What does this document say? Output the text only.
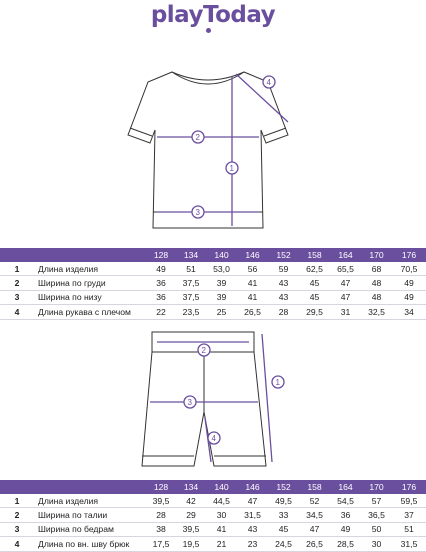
playToday
1
2
3
4
		128	134	140	146	152	158	164	170	176
1	Длина изделия	49	51	53,0	56	59	62,5	65,5	68	70,5
2	Ширина по груди	36	37,5	39	41	43	45	47	48	49
3	Ширина по низу	36	37,5	39	41	43	45	47	48	49
4	Длина рукава с плечом	22	23,5	25	26,5	28	29,5	31	32,5	34
1
2
3
4
		128	134	140	146	152	158	164	170	176
1	Длина изделия	39,5	42	44,5	47	49,5	52	54,5	57	59,5
2	Ширина по талии	28	29	30	31,5	33	34,5	36	36,5	37
3	Ширина по бедрам	38	39,5	41	43	45	47	49	50	51
4	Длина по вн. шву брюк	17,5	19,5	21	23	24,5	26,5	28,5	30	31,5
